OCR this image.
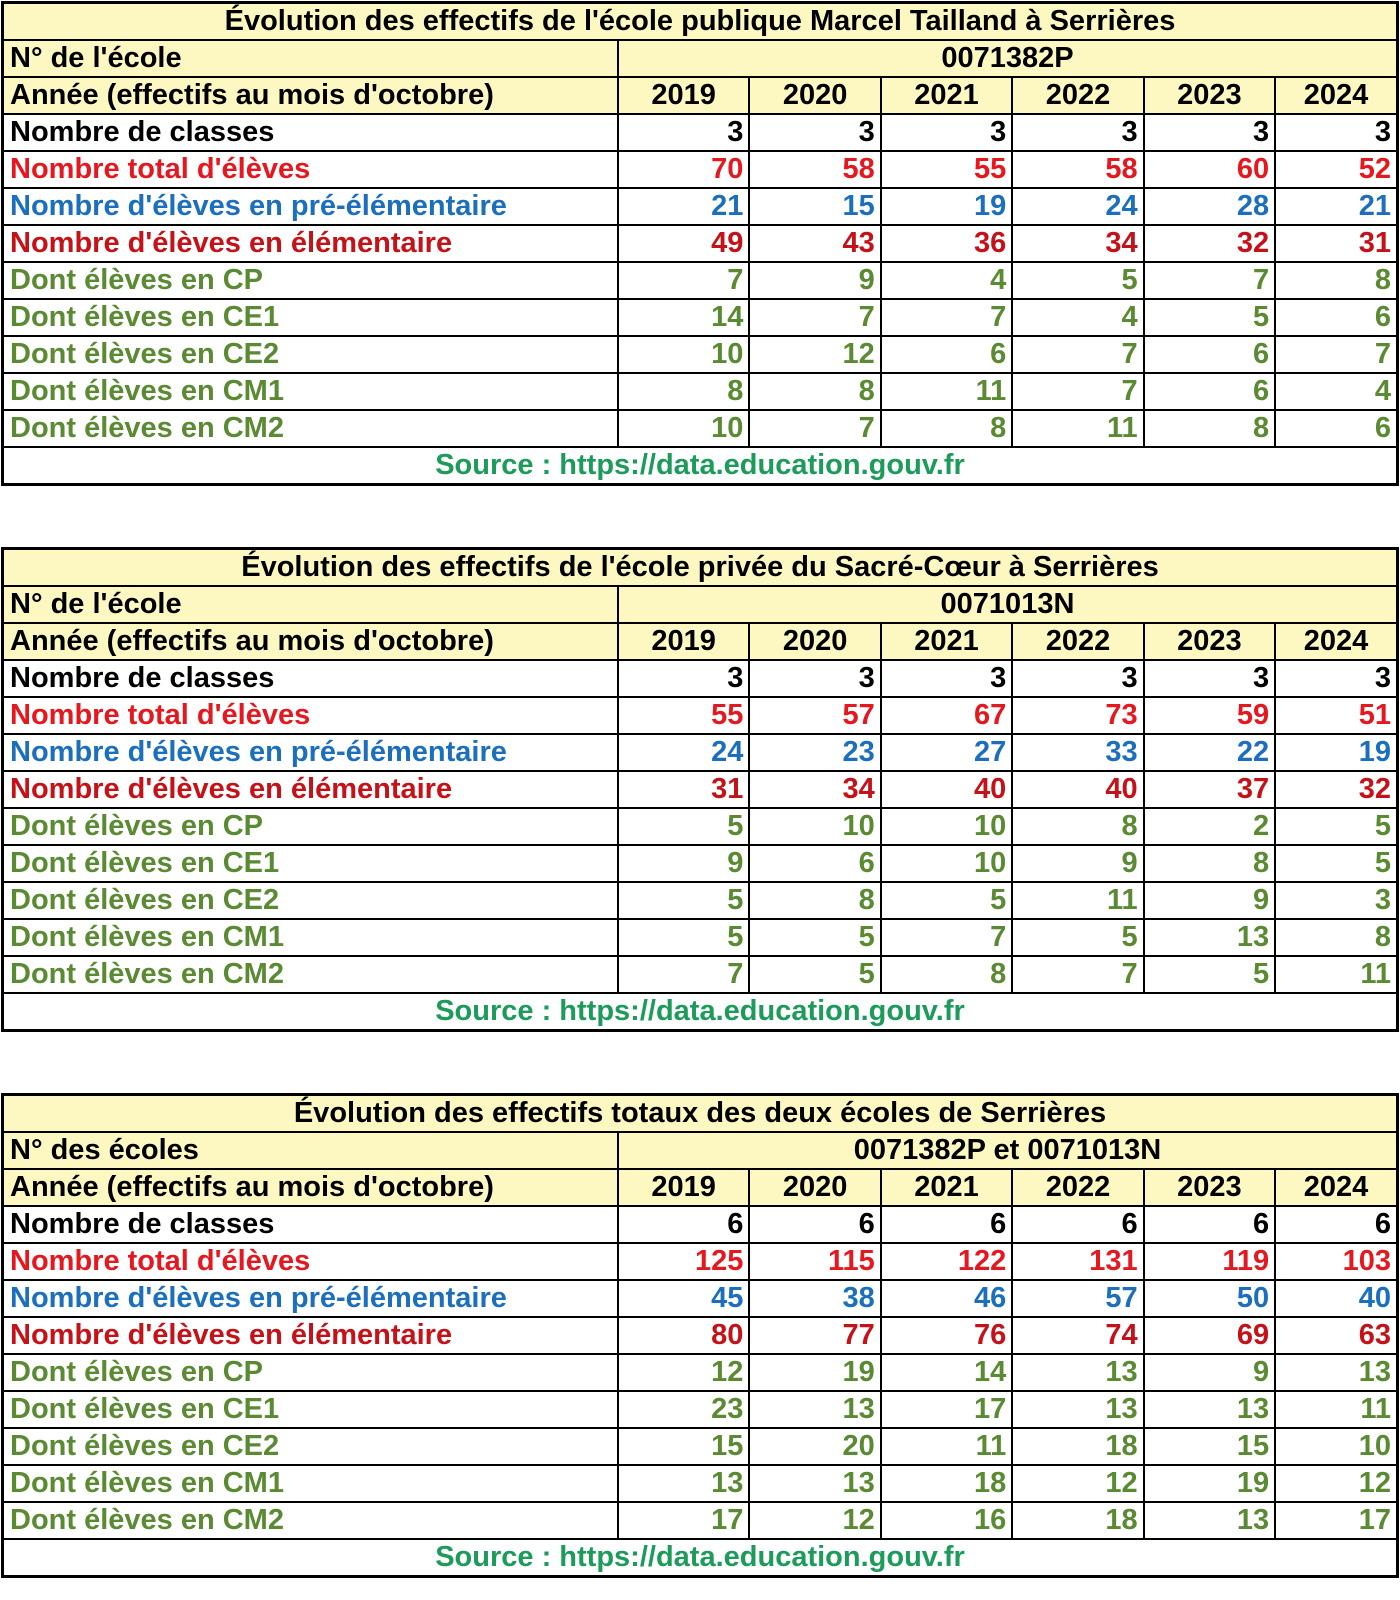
Évolution des effectifs de l'école publique Marcel Tailland à Serrières						
N° de l'école	0071382P					
Année (effectifs au mois d'octobre)	2019	2020	2021	2022	2023	2024
Nombre de classes	3	3	3	3	3	3
Nombre total d'élèves	70	58	55	58	60	52
Nombre d'élèves en pré-élémentaire	21	15	19	24	28	21
Nombre d'élèves en élémentaire	49	43	36	34	32	31
Dont élèves en CP	7	9	4	5	7	8
Dont élèves en CE1	14	7	7	4	5	6
Dont élèves en CE2	10	12	6	7	6	7
Dont élèves en CM1	8	8	11	7	6	4
Dont élèves en CM2	10	7	8	11	8	6
Source : https://data.education.gouv.fr						
Évolution des effectifs de l'école privée du Sacré-Cœur à Serrières						
N° de l'école	0071013N					
Année (effectifs au mois d'octobre)	2019	2020	2021	2022	2023	2024
Nombre de classes	3	3	3	3	3	3
Nombre total d'élèves	55	57	67	73	59	51
Nombre d'élèves en pré-élémentaire	24	23	27	33	22	19
Nombre d'élèves en élémentaire	31	34	40	40	37	32
Dont élèves en CP	5	10	10	8	2	5
Dont élèves en CE1	9	6	10	9	8	5
Dont élèves en CE2	5	8	5	11	9	3
Dont élèves en CM1	5	5	7	5	13	8
Dont élèves en CM2	7	5	8	7	5	11
Source : https://data.education.gouv.fr						
Évolution des effectifs totaux des deux écoles de Serrières						
N° des écoles	0071382P et 0071013N					
Année (effectifs au mois d'octobre)	2019	2020	2021	2022	2023	2024
Nombre de classes	6	6	6	6	6	6
Nombre total d'élèves	125	115	122	131	119	103
Nombre d'élèves en pré-élémentaire	45	38	46	57	50	40
Nombre d'élèves en élémentaire	80	77	76	74	69	63
Dont élèves en CP	12	19	14	13	9	13
Dont élèves en CE1	23	13	17	13	13	11
Dont élèves en CE2	15	20	11	18	15	10
Dont élèves en CM1	13	13	18	12	19	12
Dont élèves en CM2	17	12	16	18	13	17
Source : https://data.education.gouv.fr						
